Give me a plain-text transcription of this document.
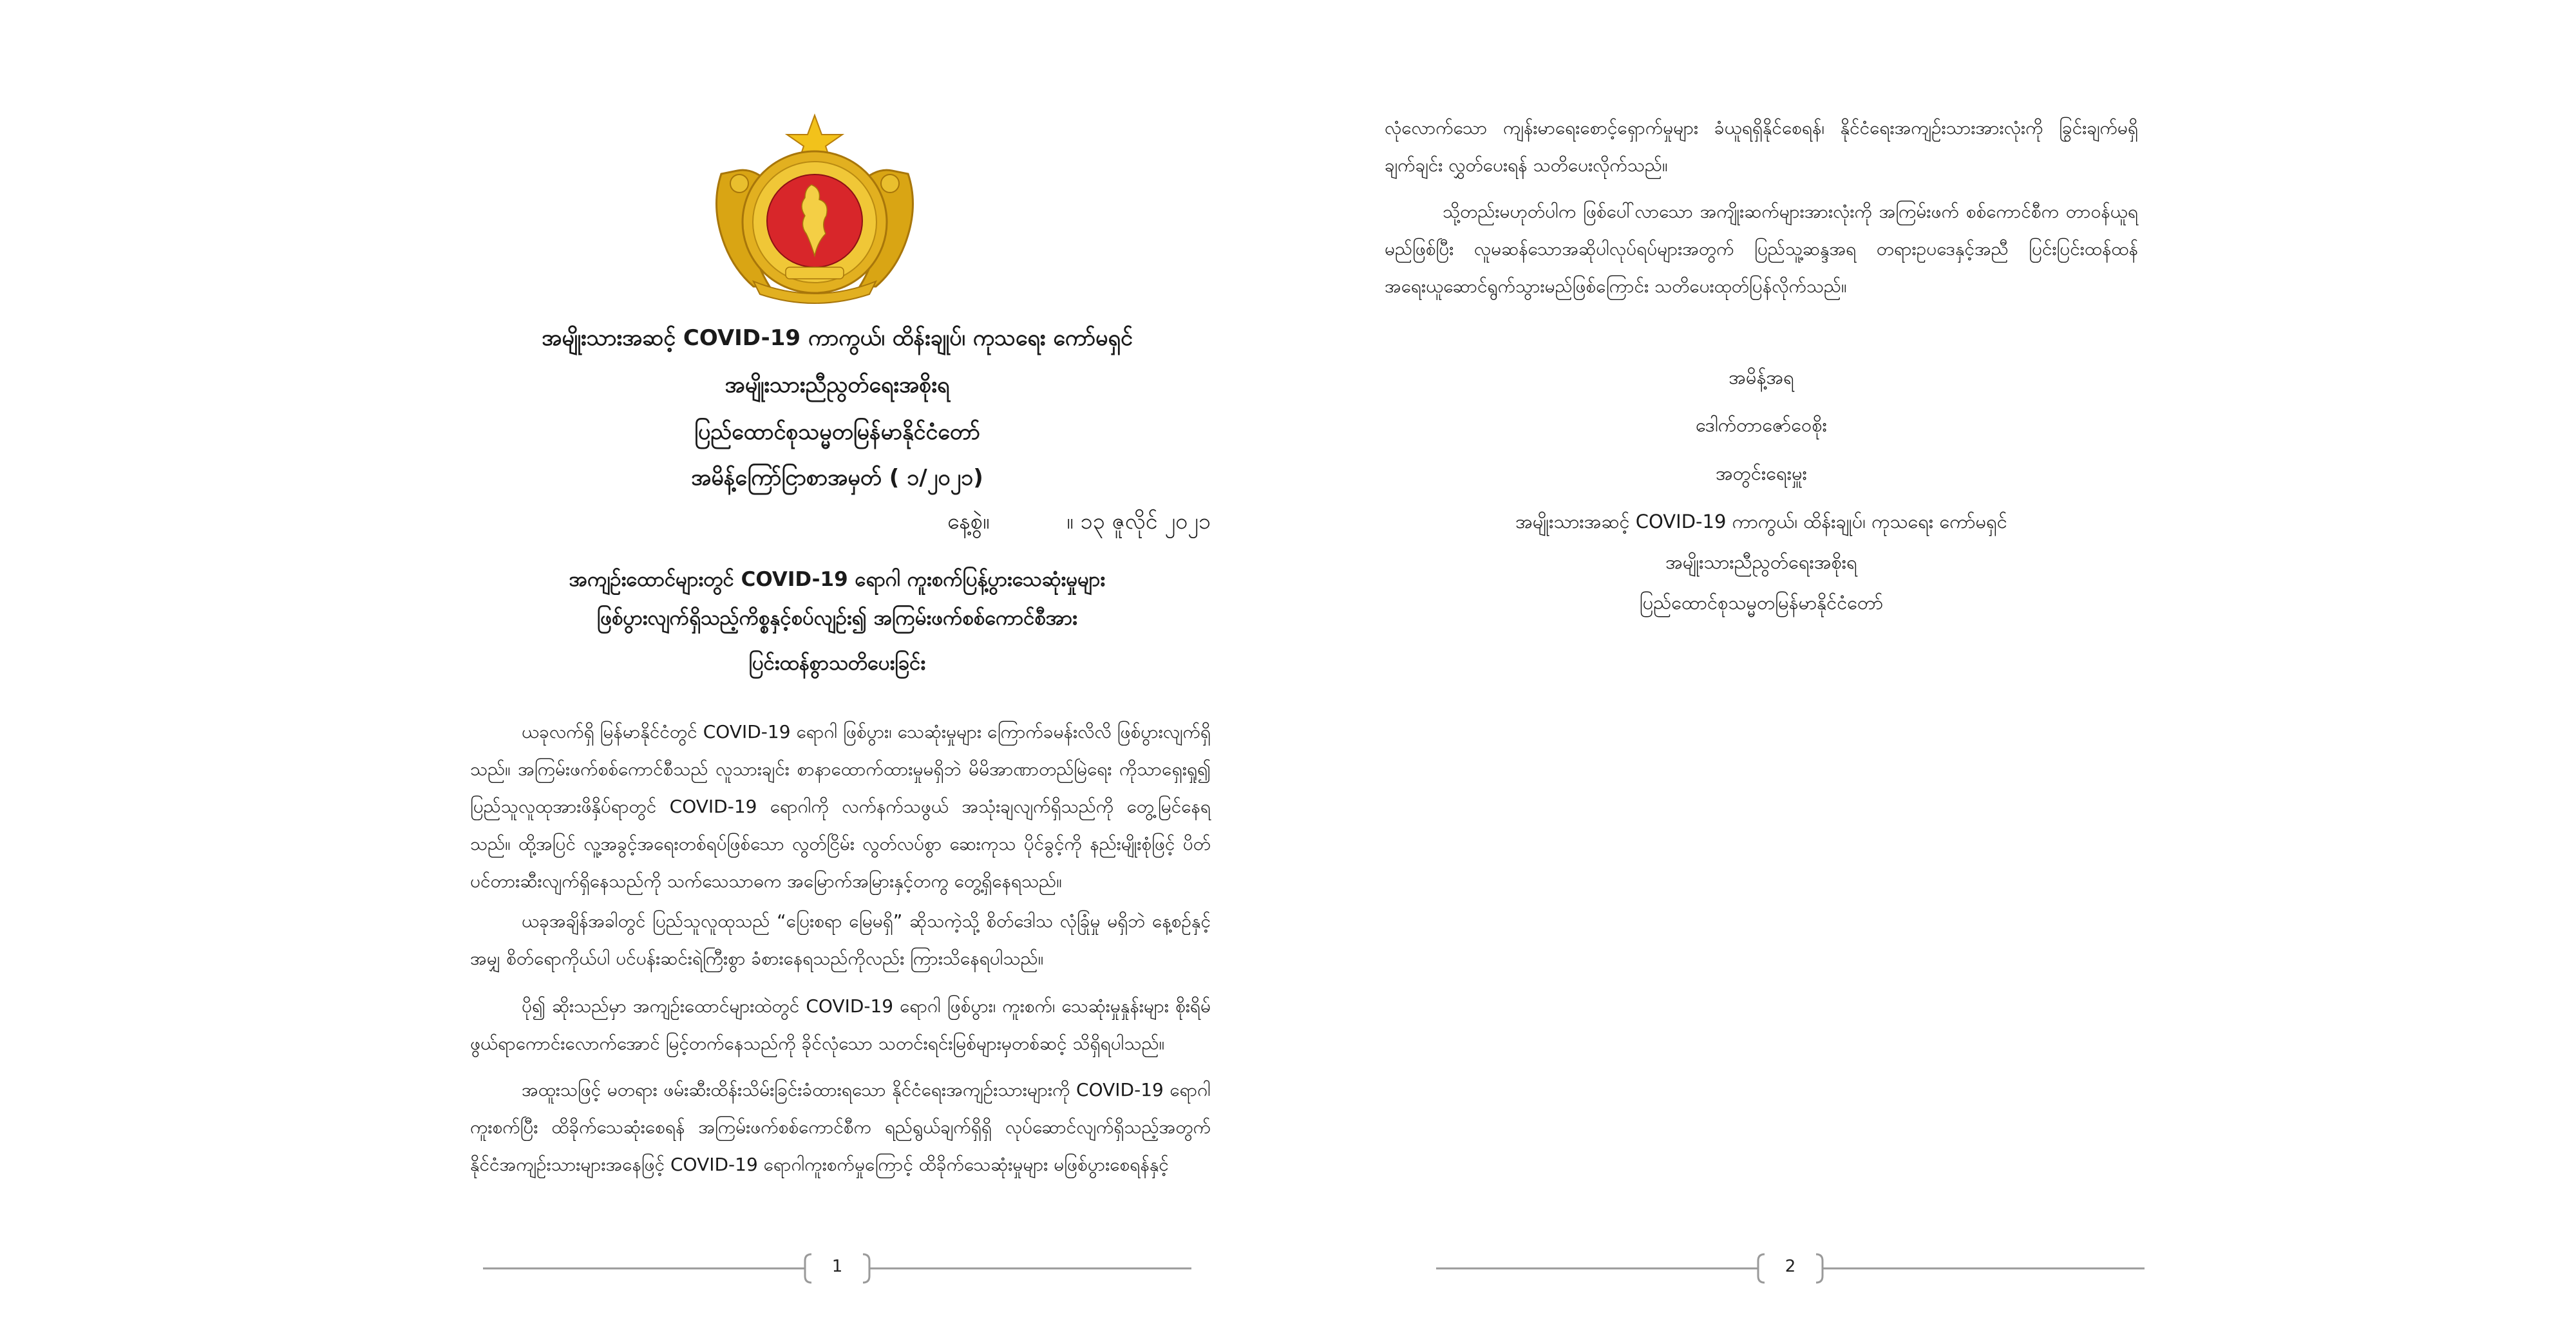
အမျိုးသားအဆင့် COVID-19 ကာကွယ်၊ ထိန်းချုပ်၊ ကုသရေး ကော်မရှင်
အမျိုးသားညီညွတ်ရေးအစိုးရ
ပြည်ထောင်စုသမ္မတမြန်မာနိုင်ငံတော်
အမိန့်ကြော်ငြာစာအမှတ် ( ၁/၂၀၂၁)
နေ့စွဲ။	။ ၁၃ ဇူလိုင် ၂၀၂၁
အကျဉ်းထောင်များတွင် COVID-19 ရောဂါ ကူးစက်ပြန့်ပွားသေဆုံးမှုများ
ဖြစ်ပွားလျက်ရှိသည့်ကိစ္စနှင့်စပ်လျဉ်း၍ အကြမ်းဖက်စစ်ကောင်စီအား
ပြင်းထန်စွာသတိပေးခြင်း

ယခုလက်ရှိ မြန်မာနိုင်ငံတွင် COVID-19 ရောဂါ ဖြစ်ပွား၊ သေဆုံးမှုများ ကြောက်ခမန်းလိလိ ဖြစ်ပွားလျက်ရှိသည်။ အကြမ်းဖက်စစ်ကောင်စီသည် လူသားချင်း စာနာထောက်ထားမှုမရှိဘဲ မိမိအာဏာတည်မြဲရေး ကိုသာရှေးရှု၍ ပြည်သူလူထုအားဖိနှိပ်ရာတွင် COVID-19 ရောဂါကို လက်နက်သဖွယ် အသုံးချလျက်ရှိသည်ကို တွေ့မြင်နေရသည်။ ထို့အပြင် လူ့အခွင့်အရေးတစ်ရပ်ဖြစ်သော လွတ်ငြိမ်း လွတ်လပ်စွာ ဆေးကုသ ပိုင်ခွင့်ကို နည်းမျိုးစုံဖြင့် ပိတ်ပင်တားဆီးလျက်ရှိနေသည်ကို သက်သေသာဓက အမြောက်အမြားနှင့်တကွ တွေ့ရှိနေရသည်။

ယခုအချိန်အခါတွင် ပြည်သူလူထုသည် “ပြေးစရာ မြေမရှိ” ဆိုသကဲ့သို့ စိတ်ဒေါသ လုံခြုံမှု မရှိဘဲ နေ့စဉ်နှင့်အမျှ စိတ်ရောကိုယ်ပါ ပင်ပန်းဆင်းရဲကြီးစွာ ခံစားနေရသည်ကိုလည်း ကြားသိနေရပါသည်။

ပို၍ ဆိုးသည်မှာ အကျဉ်းထောင်များထဲတွင် COVID-19 ရောဂါ ဖြစ်ပွား၊ ကူးစက်၊ သေဆုံးမှုနှုန်းများ စိုးရိမ်ဖွယ်ရာကောင်းလောက်အောင် မြင့်တက်နေသည်ကို ခိုင်လုံသော သတင်းရင်းမြစ်များမှတစ်ဆင့် သိရှိရပါသည်။

အထူးသဖြင့် မတရား ဖမ်းဆီးထိန်းသိမ်းခြင်းခံထားရသော နိုင်ငံရေးအကျဉ်းသားများကို COVID-19 ရောဂါ ကူးစက်ပြီး ထိခိုက်သေဆုံးစေရန် အကြမ်းဖက်စစ်ကောင်စီက ရည်ရွယ်ချက်ရှိရှိ လုပ်ဆောင်လျက်ရှိသည့်အတွက် နိုင်ငံအကျဉ်းသားများအနေဖြင့် COVID-19 ရောဂါကူးစက်မှုကြောင့် ထိခိုက်သေဆုံးမှုများ မဖြစ်ပွားစေရန်နှင့်

1

လုံလောက်သော ကျန်းမာရေးစောင့်ရှောက်မှုများ ခံယူရရှိနိုင်စေရန်၊ နိုင်ငံရေးအကျဉ်းသားအားလုံးကို ခြွင်းချက်မရှိ ချက်ချင်း လွှတ်ပေးရန် သတိပေးလိုက်သည်။

သို့တည်းမဟုတ်ပါက ဖြစ်ပေါ်လာသော အကျိုးဆက်များအားလုံးကို အကြမ်းဖက် စစ်ကောင်စီက တာဝန်ယူရမည်ဖြစ်ပြီး လူမဆန်သောအဆိုပါလုပ်ရပ်များအတွက် ပြည်သူ့ဆန္ဒအရ တရားဥပဒေနှင့်အညီ ပြင်းပြင်းထန်ထန် အရေးယူဆောင်ရွက်သွားမည်ဖြစ်ကြောင်း သတိပေးထုတ်ပြန်လိုက်သည်။

အမိန့်အရ
ဒေါက်တာဇော်ဝေစိုး
အတွင်းရေးမှူး
အမျိုးသားအဆင့် COVID-19 ကာကွယ်၊ ထိန်းချုပ်၊ ကုသရေး ကော်မရှင်
အမျိုးသားညီညွတ်ရေးအစိုးရ
ပြည်ထောင်စုသမ္မတမြန်မာနိုင်ငံတော်
2
